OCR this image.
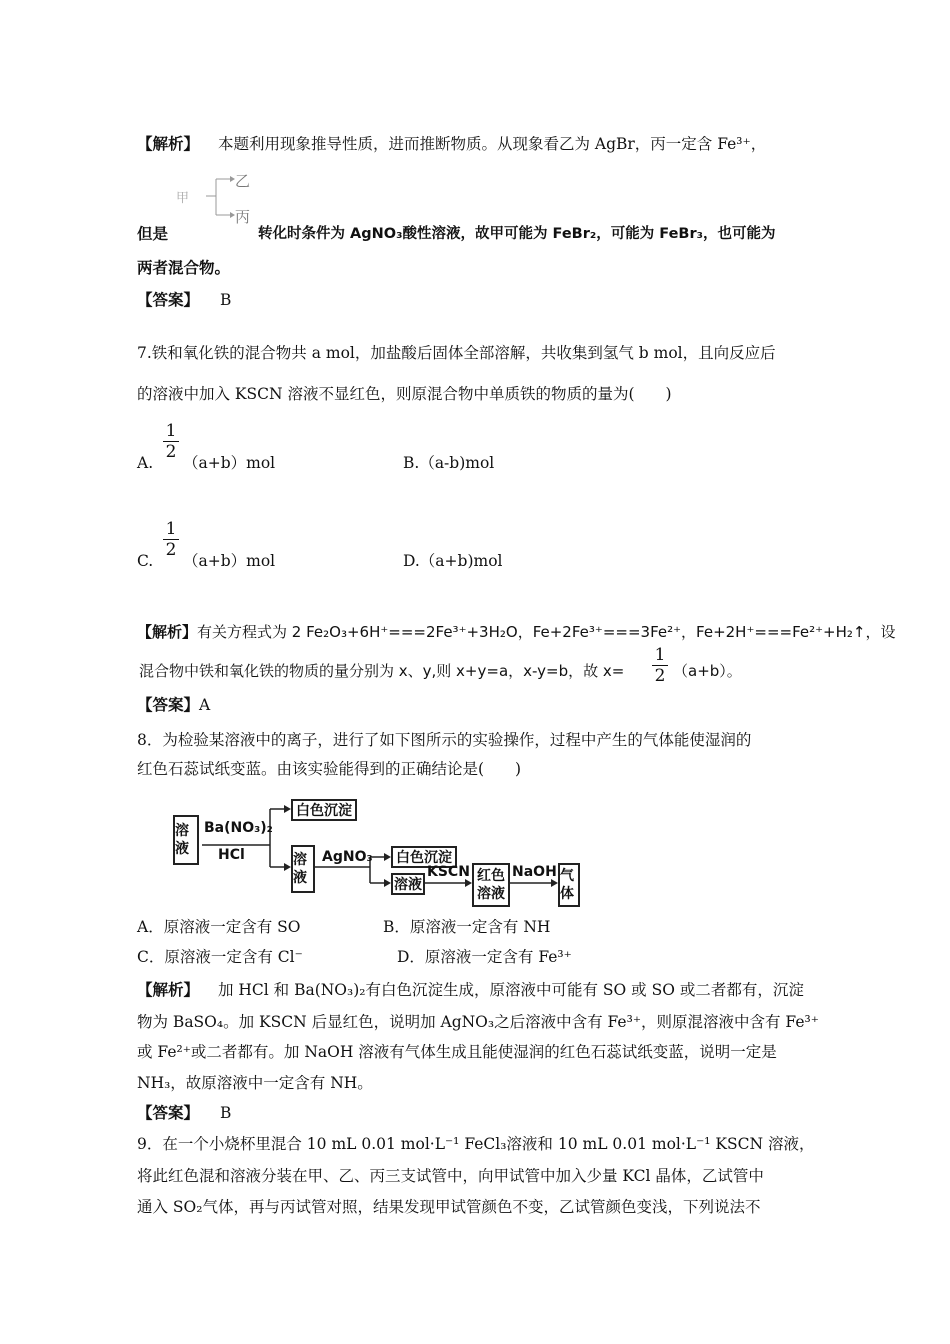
【解析】 本题利用现象推导性质，进而推断物质。从现象看乙为 AgBr，丙一定含 Fe³⁺，
甲
乙
丙
但是	转化时条件为 AgNO₃酸性溶液，故甲可能为 FeBr₂，可能为 FeBr₃，也可能为
两者混合物。
【答案】 B
7.铁和氧化铁的混合物共 a mol，加盐酸后固体全部溶解，共收集到氢气 b mol，且向反应后
的溶液中加入 KSCN 溶液不显红色，则原混合物中单质铁的物质的量为(　　)
A.
$\frac{1}{2}$
（a+b）mol	B.（a-b)mol
C.
$\frac{1}{2}$
（a+b）mol	D.（a+b)mol
【解析】有关方程式为 2 Fe₂O₃+6H⁺===2Fe³⁺+3H₂O，Fe+2Fe³⁺===3Fe²⁺，Fe+2H⁺===Fe²⁺+H₂↑，设
混合物中铁和氧化铁的物质的量分别为 x、y,则 x+y=a，x-y=b，故 $x= \frac{1}{2} (a+b)$。
【答案】A
8．为检验某溶液中的离子，进行了如下图所示的实验操作，过程中产生的气体能使湿润的
红色石蕊试纸变蓝。由该实验能得到的正确结论是(　　)
溶液
Ba(NO₃)₂
HCl
白色沉淀
溶液
AgNO₃	白色沉淀
溶液
KSCN 红色溶液
NaOH 气体
A．原溶液一定含有 SO	B．原溶液一定含有 NH
C．原溶液一定含有 Cl⁻	D．原溶液一定含有 Fe³⁺
【解析】 加 HCl 和 Ba(NO₃)₂有白色沉淀生成，原溶液中可能有 SO 或 SO 或二者都有，沉淀
物为 BaSO₄。加 KSCN 后显红色，说明加 AgNO₃之后溶液中含有 Fe³⁺，则原混溶液中含有 Fe³⁺
或 Fe²⁺或二者都有。加 NaOH 溶液有气体生成且能使湿润的红色石蕊试纸变蓝，说明一定是
NH₃，故原溶液中一定含有 NH。
【答案】 B
9．在一个小烧杯里混合 10 mL 0.01 mol·L⁻¹ FeCl₃溶液和 10 mL 0.01 mol·L⁻¹ KSCN 溶液，
将此红色混和溶液分装在甲、乙、丙三支试管中，向甲试管中加入少量 KCl 晶体，乙试管中
通入 SO₂气体，再与丙试管对照，结果发现甲试管颜色不变，乙试管颜色变浅，下列说法不
